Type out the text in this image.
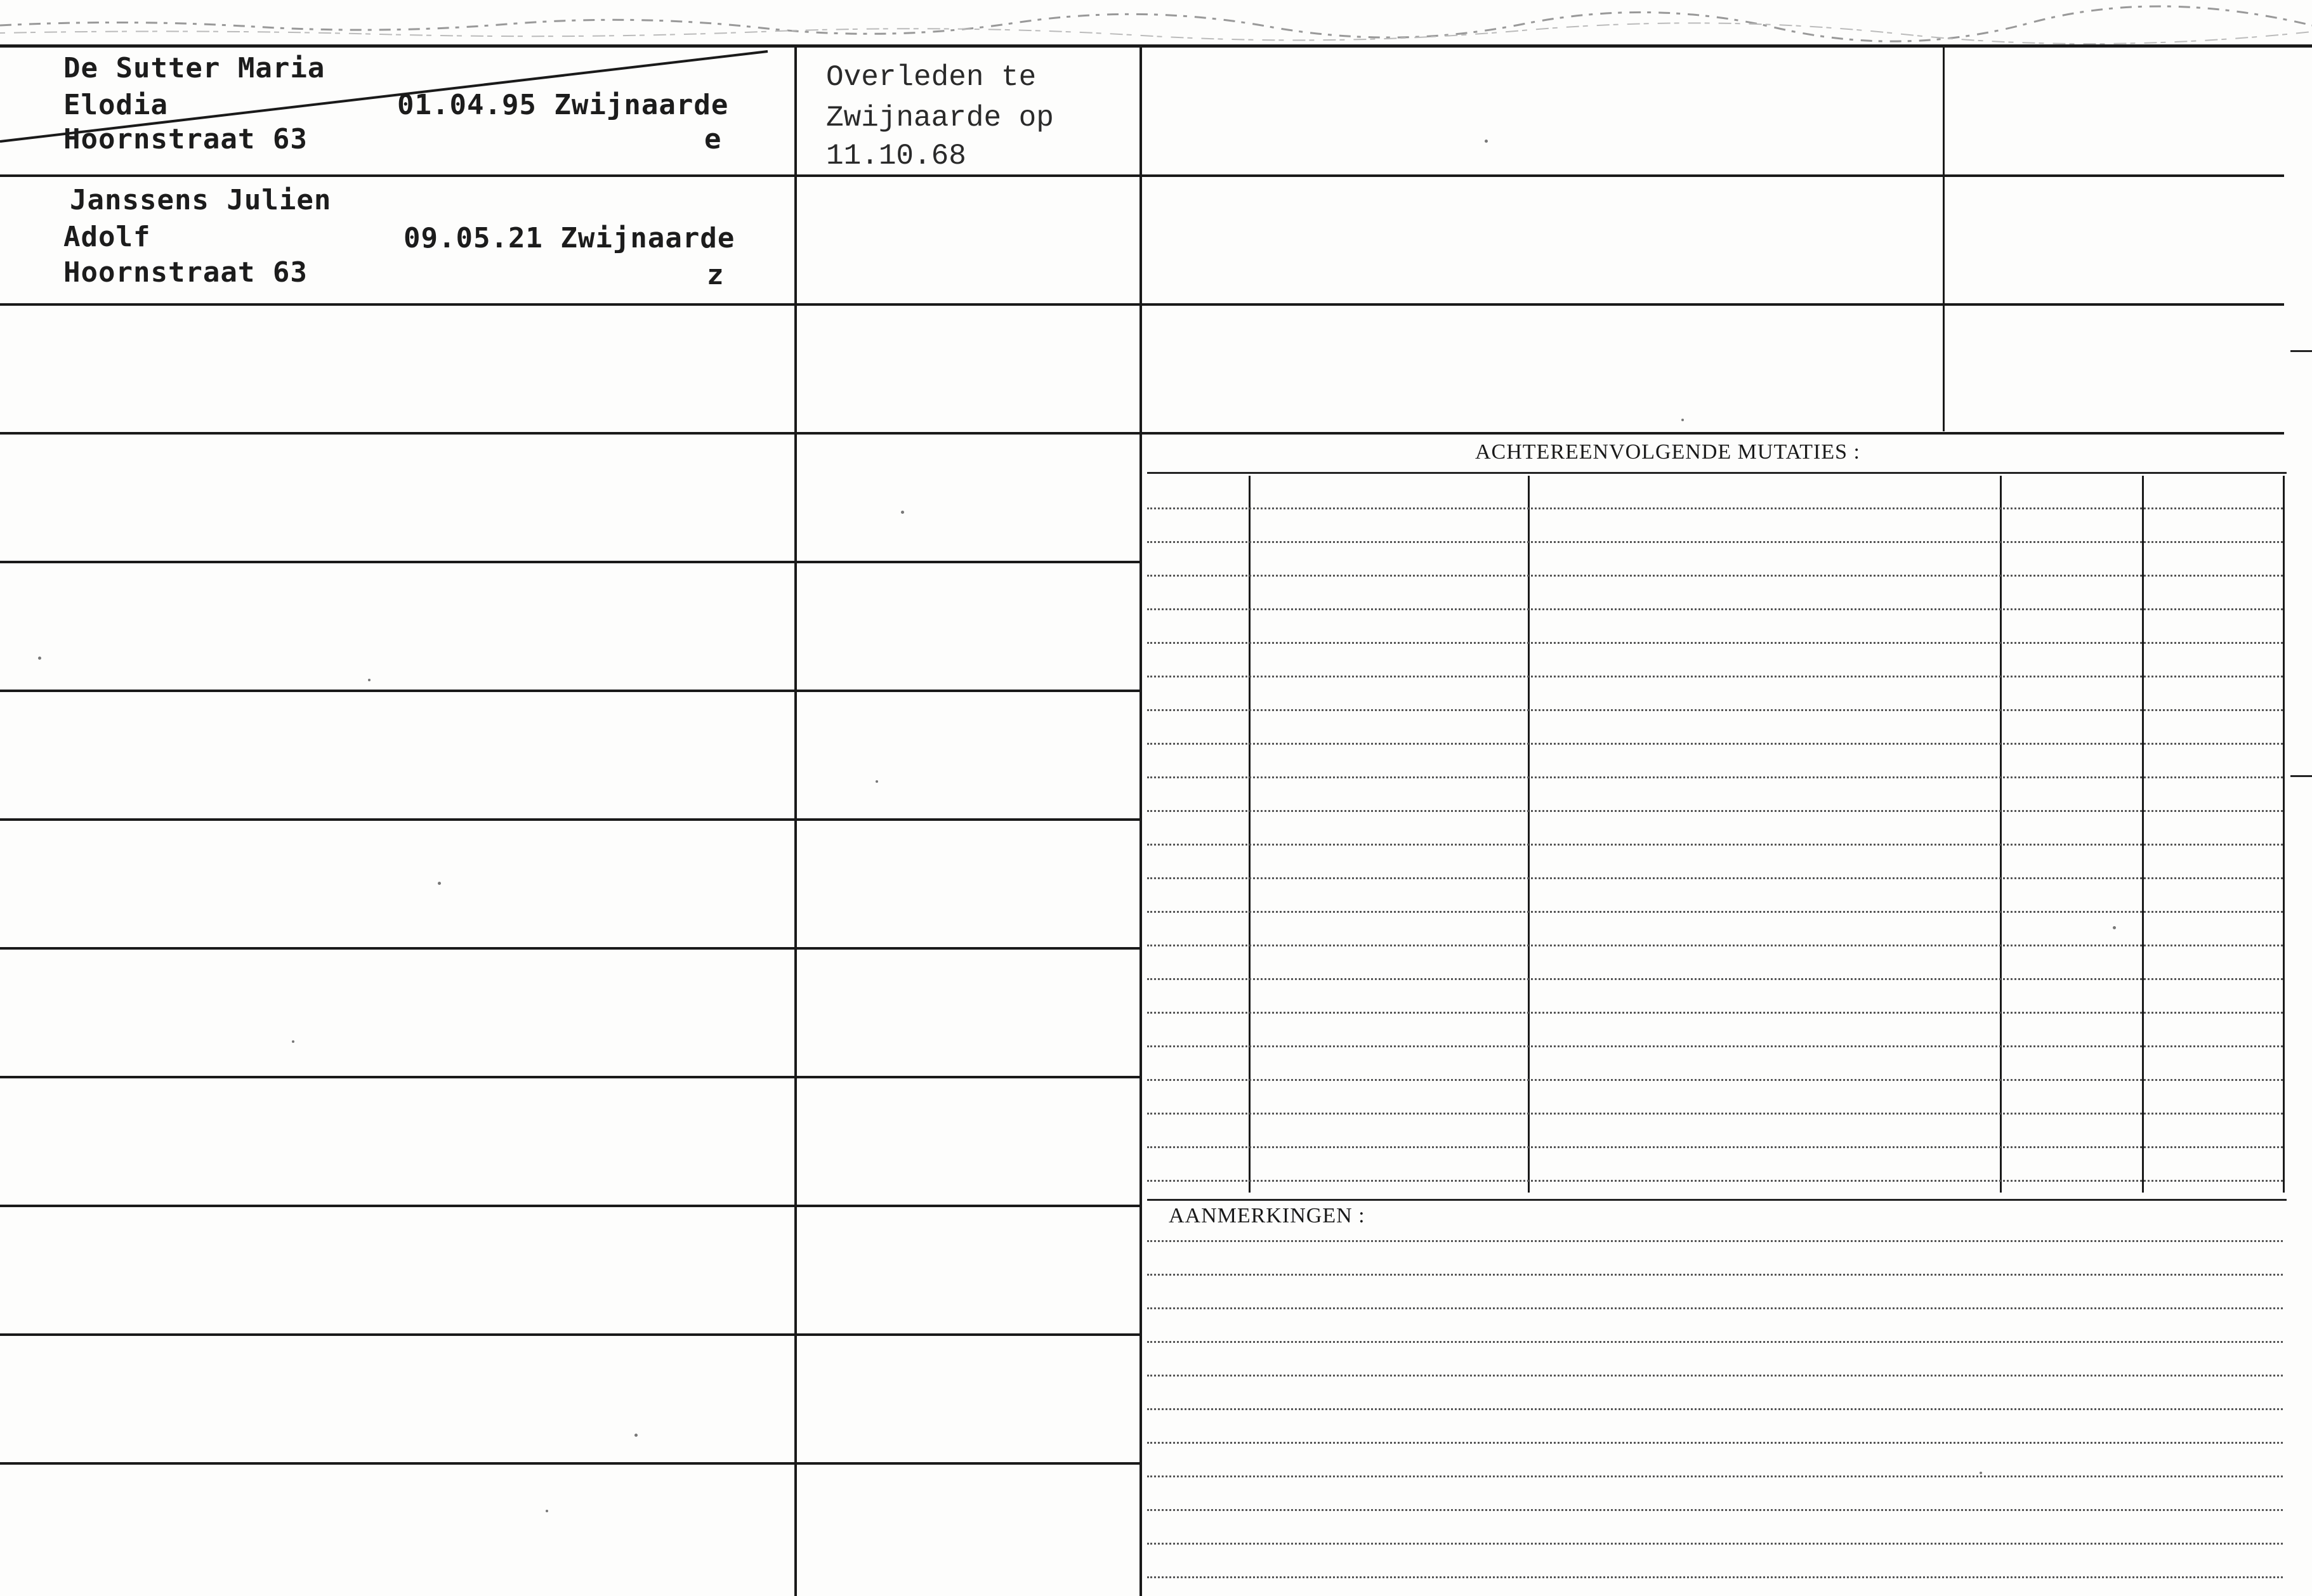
De Sutter Maria
Elodia
Hoornstraat 63
01.04.95 Zwijnaarde
e
Overleden te
Zwijnaarde op
11.10.68
Janssens Julien
Adolf
Hoornstraat 63
09.05.21 Zwijnaarde
z
ACHTEREENVOLGENDE MUTATIES :
AANMERKINGEN :
